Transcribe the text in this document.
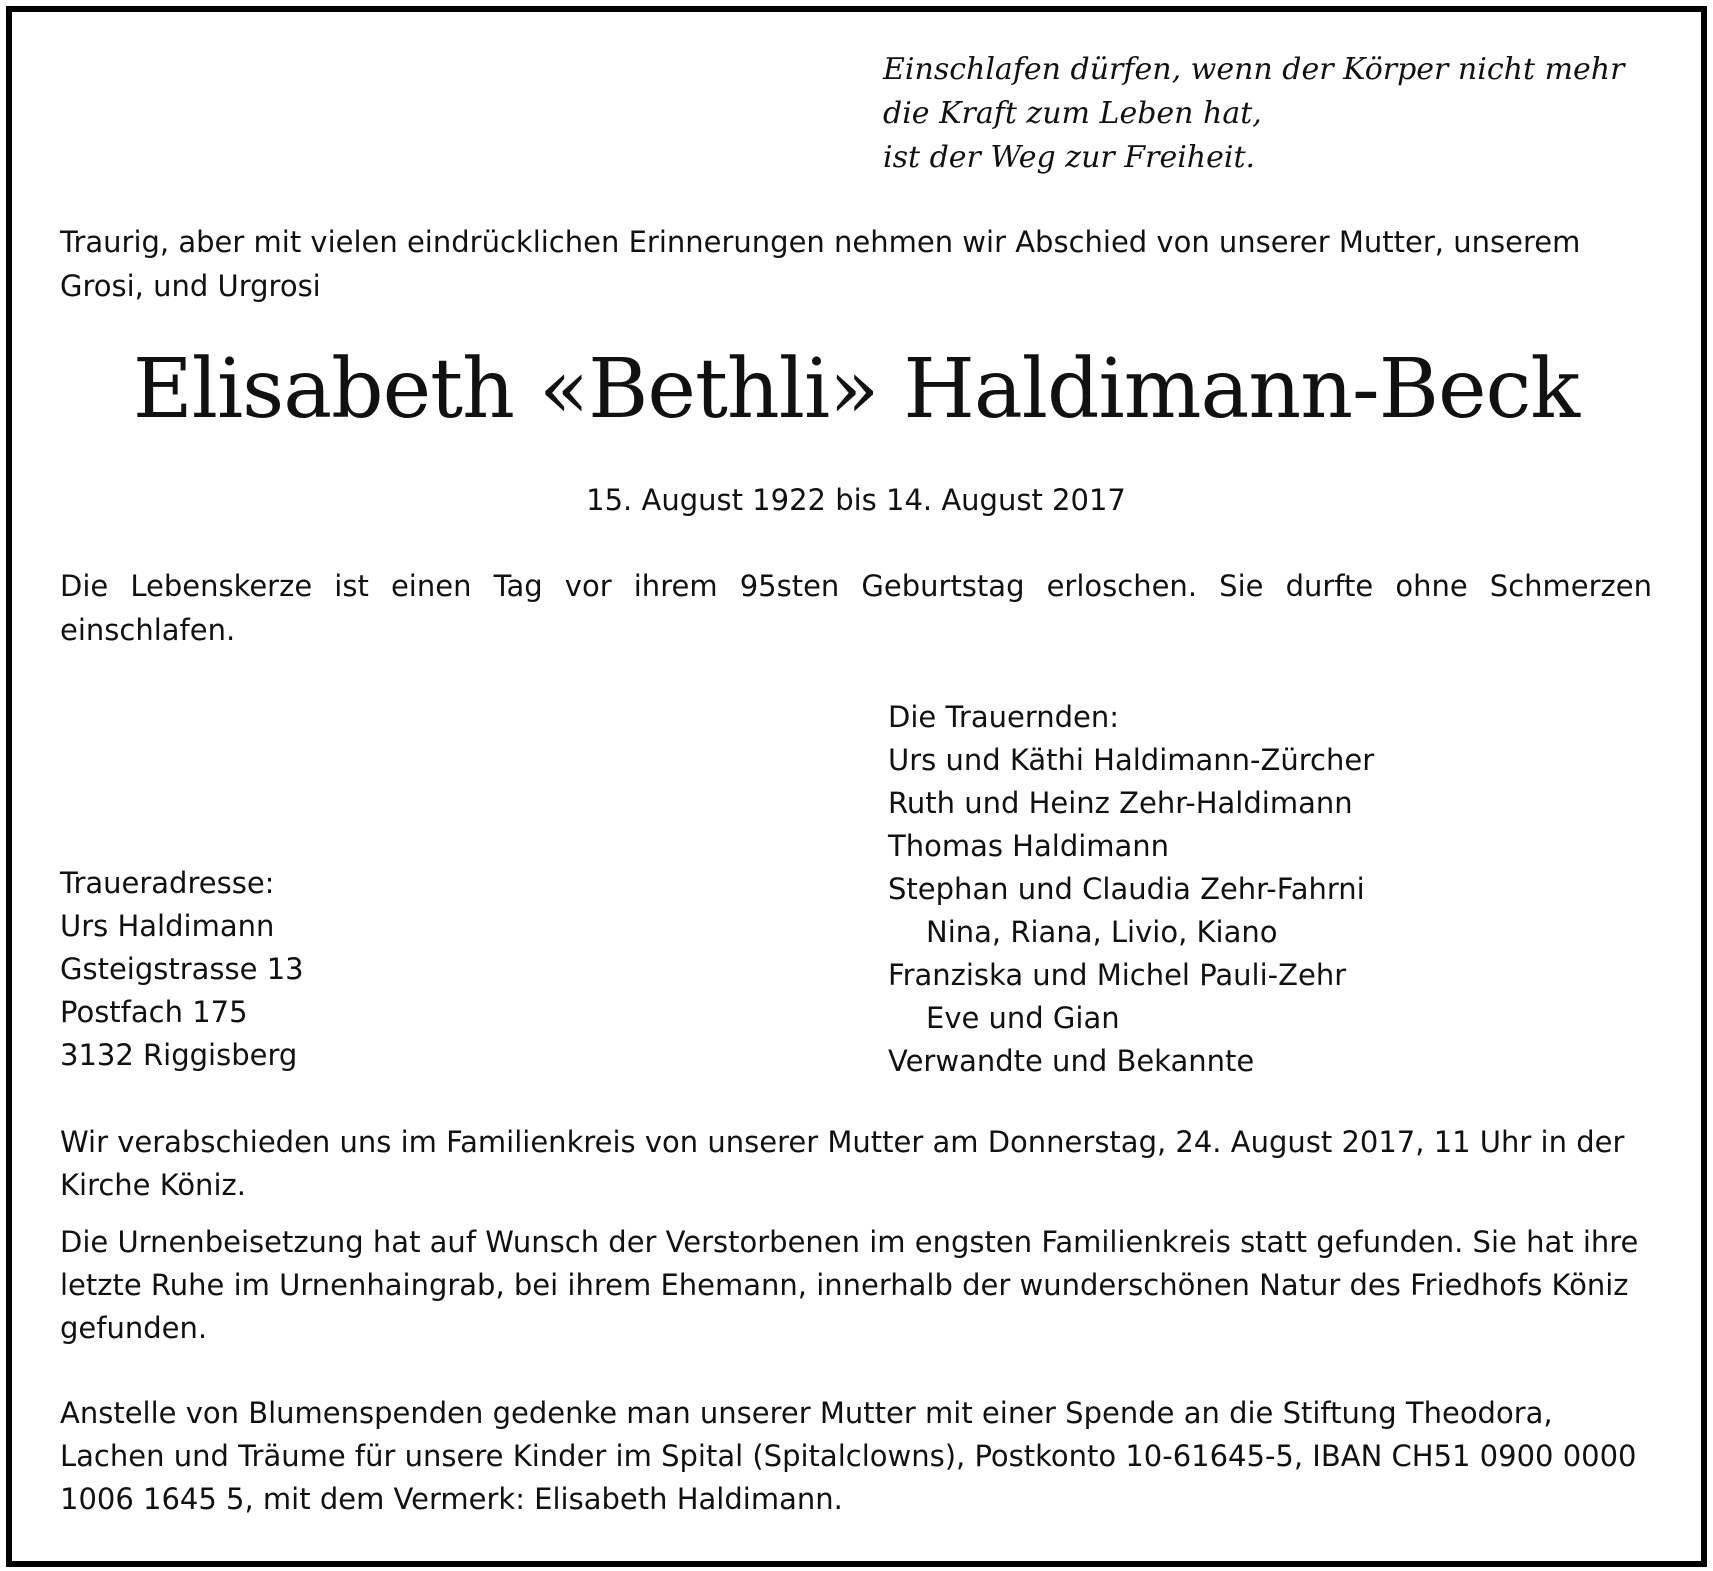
Einschlafen dürfen, wenn der Körper nicht mehr
die Kraft zum Leben hat,
ist der Weg zur Freiheit.

Traurig, aber mit vielen eindrücklichen Erinnerungen nehmen wir Abschied von unserer Mutter, unserem Grosi, und Urgrosi

Elisabeth «Bethli» Haldimann-Beck
15. August 1922 bis 14. August 2017

Die Lebenskerze ist einen Tag vor ihrem 95sten Geburtstag erloschen. Sie durfte ohne Schmerzen einschlafen.

Die Trauernden:
Urs und Käthi Haldimann-Zürcher
Ruth und Heinz Zehr-Haldimann
Thomas Haldimann
Stephan und Claudia Zehr-Fahrni
Nina, Riana, Livio, Kiano
Franziska und Michel Pauli-Zehr
Eve und Gian
Verwandte und Bekannte
Traueradresse:
Urs Haldimann
Gsteigstrasse 13
Postfach 175
3132 Riggisberg

Wir verabschieden uns im Familienkreis von unserer Mutter am Donnerstag, 24. August 2017, 11 Uhr in der Kirche Köniz.

Die Urnenbeisetzung hat auf Wunsch der Verstorbenen im engsten Familienkreis statt gefunden. Sie hat ihre letzte Ruhe im Urnenhaingrab, bei ihrem Ehemann, innerhalb der wunderschönen Natur des Friedhofs Köniz gefunden.

Anstelle von Blumenspenden gedenke man unserer Mutter mit einer Spende an die Stiftung Theodora, Lachen und Träume für unsere Kinder im Spital (Spitalclowns), Postkonto 10-61645-5, IBAN CH51 0900 0000 1006 1645 5, mit dem Vermerk: Elisabeth Haldimann.
